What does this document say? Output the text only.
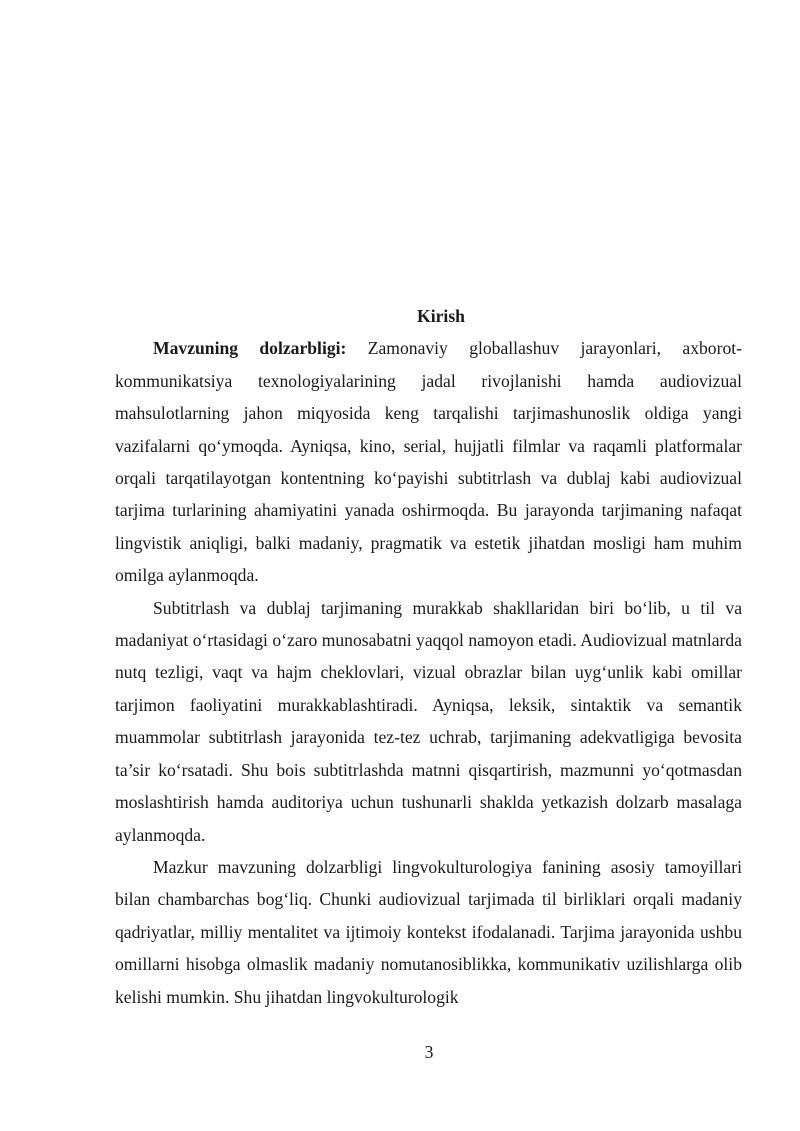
Kirish

Mavzuning dolzarbligi: Zamonaviy globallashuv jarayonlari, axborot-kommunikatsiya texnologiyalarining jadal rivojlanishi hamda audiovizual mahsulotlarning jahon miqyosida keng tarqalishi tarjimashunoslik oldiga yangi vazifalarni qo‘ymoqda. Ayniqsa, kino, serial, hujjatli filmlar va raqamli platformalar orqali tarqatilayotgan kontentning ko‘payishi subtitrlash va dublaj kabi audiovizual tarjima turlarining ahamiyatini yanada oshirmoqda. Bu jarayonda tarjimaning nafaqat lingvistik aniqligi, balki madaniy, pragmatik va estetik jihatdan mosligi ham muhim omilga aylanmoqda.

Subtitrlash va dublaj tarjimaning murakkab shakllaridan biri bo‘lib, u til va madaniyat o‘rtasidagi o‘zaro munosabatni yaqqol namoyon etadi. Audiovizual matnlarda nutq tezligi, vaqt va hajm cheklovlari, vizual obrazlar bilan uyg‘unlik kabi omillar tarjimon faoliyatini murakkablashtiradi. Ayniqsa, leksik, sintaktik va semantik muammolar subtitrlash jarayonida tez-tez uchrab, tarjimaning adekvatligiga bevosita ta’sir ko‘rsatadi. Shu bois subtitrlashda matnni qisqartirish, mazmunni yo‘qotmasdan moslashtirish hamda auditoriya uchun tushunarli shaklda yetkazish dolzarb masalaga aylanmoqda.

Mazkur mavzuning dolzarbligi lingvokulturologiya fanining asosiy tamoyillari bilan chambarchas bog‘liq. Chunki audiovizual tarjimada til birliklari orqali madaniy qadriyatlar, milliy mentalitet va ijtimoiy kontekst ifodalanadi. Tarjima jarayonida ushbu omillarni hisobga olmaslik madaniy nomutanosiblikka, kommunikativ uzilishlarga olib kelishi mumkin. Shu jihatdan lingvokulturologik

3
